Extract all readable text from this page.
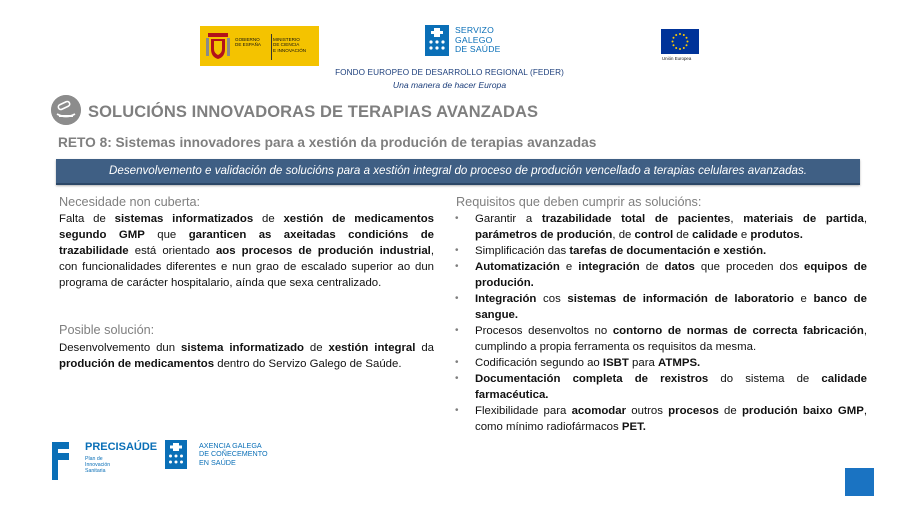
GOBIERNO
DE ESPAÑA
MINISTERIO
DE CIENCIA
E INNOVACIÓN
SERVIZO
GALEGO
DE SAÚDE
Unión Europea
FONDO EUROPEO DE DESARROLLO REGIONAL (FEDER)
Una manera de hacer Europa
SOLUCIÓNS INNOVADORAS DE TERAPIAS AVANZADAS
RETO 8: Sistemas innovadores para a xestión da produción de terapias avanzadas
Desenvolvemento e validación de solucións para a xestión integral do proceso de produción vencellado a terapias celulares avanzadas.
Necesidade non cuberta:
Falta de sistemas informatizados de xestión de medicamentos segundo GMP que garanticen as axeitadas condicións de trazabilidade está orientado aos procesos de produción industrial, con funcionalidades diferentes e nun grao de escalado superior ao dun programa de carácter hospitalario, aínda que sexa centralizado.
Posible solución:
Desenvolvemento dun sistema informatizado de xestión integral da produción de medicamentos dentro do Servizo Galego de Saúde.
Requisitos que deben cumprir as solucións:
• Garantir a trazabilidade total de pacientes, materiais de partida, parámetros de produción, de control de calidade e produtos.
• Simplificación das tarefas de documentación e xestión.
• Automatización e integración de datos que proceden dos equipos de produción.
• Integración cos sistemas de información de laboratorio e banco de sangue.
• Procesos desenvoltos no contorno de normas de correcta fabricación, cumplindo a propia ferramenta os requisitos da mesma.
• Codificación segundo ao ISBT para ATMPS.
• Documentación completa de rexistros do sistema de calidade farmacéutica.
• Flexibilidade para acomodar outros procesos de produción baixo GMP, como mínimo radiofármacos PET.
PRECISAÚDE
Plan de
Innovación
Sanitaria
AXENCIA GALEGA
DE COÑECEMENTO
EN SAÚDE
